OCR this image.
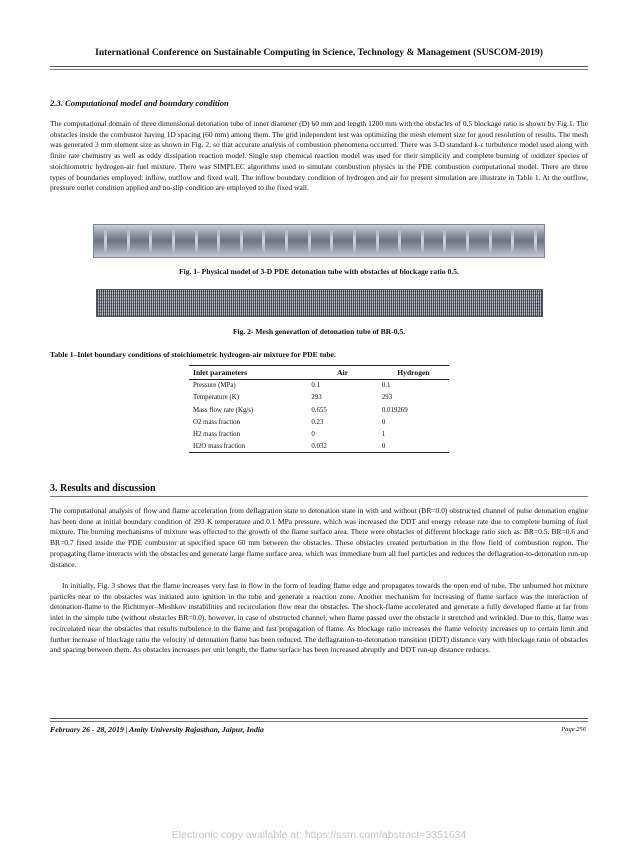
International Conference on Sustainable Computing in Science, Technology & Management (SUSCOM-2019)
2.3. Computational model and boundary condition

The computational domain of three dimensional detonation tube of inner diameter (D) 60 mm and length 1200 mm with the obstacles of 0.5 blockage ratio is shown by Fig.1. The obstacles inside the combustor having 1D spacing (60 mm) among them. The grid independent test was optimizing the mesh element size for good resolution of results. The mesh was generated 3 mm element size as shown in Fig. 2, so that accurate analysis of combustion phenomena occurred. There was 3-D standard k-ε turbulence model used along with finite rate chemistry as well as eddy dissipation reaction model. Single step chemical reaction model was used for their simplicity and complete burning of oxidizer species of stoichiometric hydrogen-air fuel mixture. There was SIMPLEC algorithms used to simulate combustion physics in the PDE combustion computational model. There are three types of boundaries employed: inflow, outflow and fixed wall. The inflow boundary condition of hydrogen and air for present simulation are illustrate in Table 1. At the outflow, pressure outlet condition applied and no-slip condition are employed to the fixed wall.

Fig. 1- Physical model of 3-D PDE detonation tube with obstacles of blockage ratio 0.5.
Fig. 2- Mesh generation of detonation tube of BR-0.5.
Table 1–Inlet boundary conditions of stoichiometric hydrogen-air mixture for PDE tube.
Inlet parameters	Air	Hydrogen
Pressure (MPa)	0.1	0.1
Temperature (K)	293	293
Mass flow rate (Kg/s)	0.655	0.019269
O2 mass fraction	0.23	0
H2 mass fraction	0	1
H2O mass fraction	0.032	0
3. Results and discussion

The computational analysis of flow and flame acceleration from deflagration state to detonation state in with and without (BR=0.0) obstructed channel of pulse detonation engine has been done at initial boundary condition of 293 K temperature and 0.1 MPa pressure, which was increased the DDT and energy release rate due to complete burning of fuel mixture. The burning mechanisms of mixture was effected to the growth of the flame surface area. There were obstacles of different blockage ratio such as: BR=0.5, BR=0.6 and BR=0.7 fixed inside the PDE combustor at specified space 60 mm between the obstacles. These obstacles created perturbation in the flow field of combustion region. The propagating flame interacts with the obstacles and generate large flame surface area, which was immediate burn all fuel particles and reduces the deflagration-to-detonation run-up distance.

In initially, Fig. 3 shows that the flame increases very fast in flow in the form of leading flame edge and propagates towards the open end of tube. The unburned hot mixture particles near to the obstacles was initiated auto ignition in the tube and generate a reaction zone. Another mechanism for increasing of flame surface was the interaction of detonation-flame to the Richtmyer–Meshkov instabilities and recirculation flow near the obstacles. The shock-flame accelerated and generate a fully developed flame at far from inlet in the simple tube (without obstacles BR=0.0). however, in case of obstructed channel, when flame passed over the obstacle it stretched and wrinkled. Due to this, flame was recirculated near the obstacles that results turbulence in the flame and fast propagation of flame. As blockage ratio increases the flame velocity increases up to certain limit and further increase of blockage ratio the velocity of detonation flame has been reduced. The deflagration-to-detonation transition (DDT) distance vary with blockage ratio of obstacles and spacing between them. As obstacles increases per unit length, the flame surface has been increased abruptly and DDT run-up distance reduces.

February 26 - 28, 2019 | Amity University Rajasthan, Jaipur, India	Page 256
Electronic copy available at: https://ssrn.com/abstract=3351634
